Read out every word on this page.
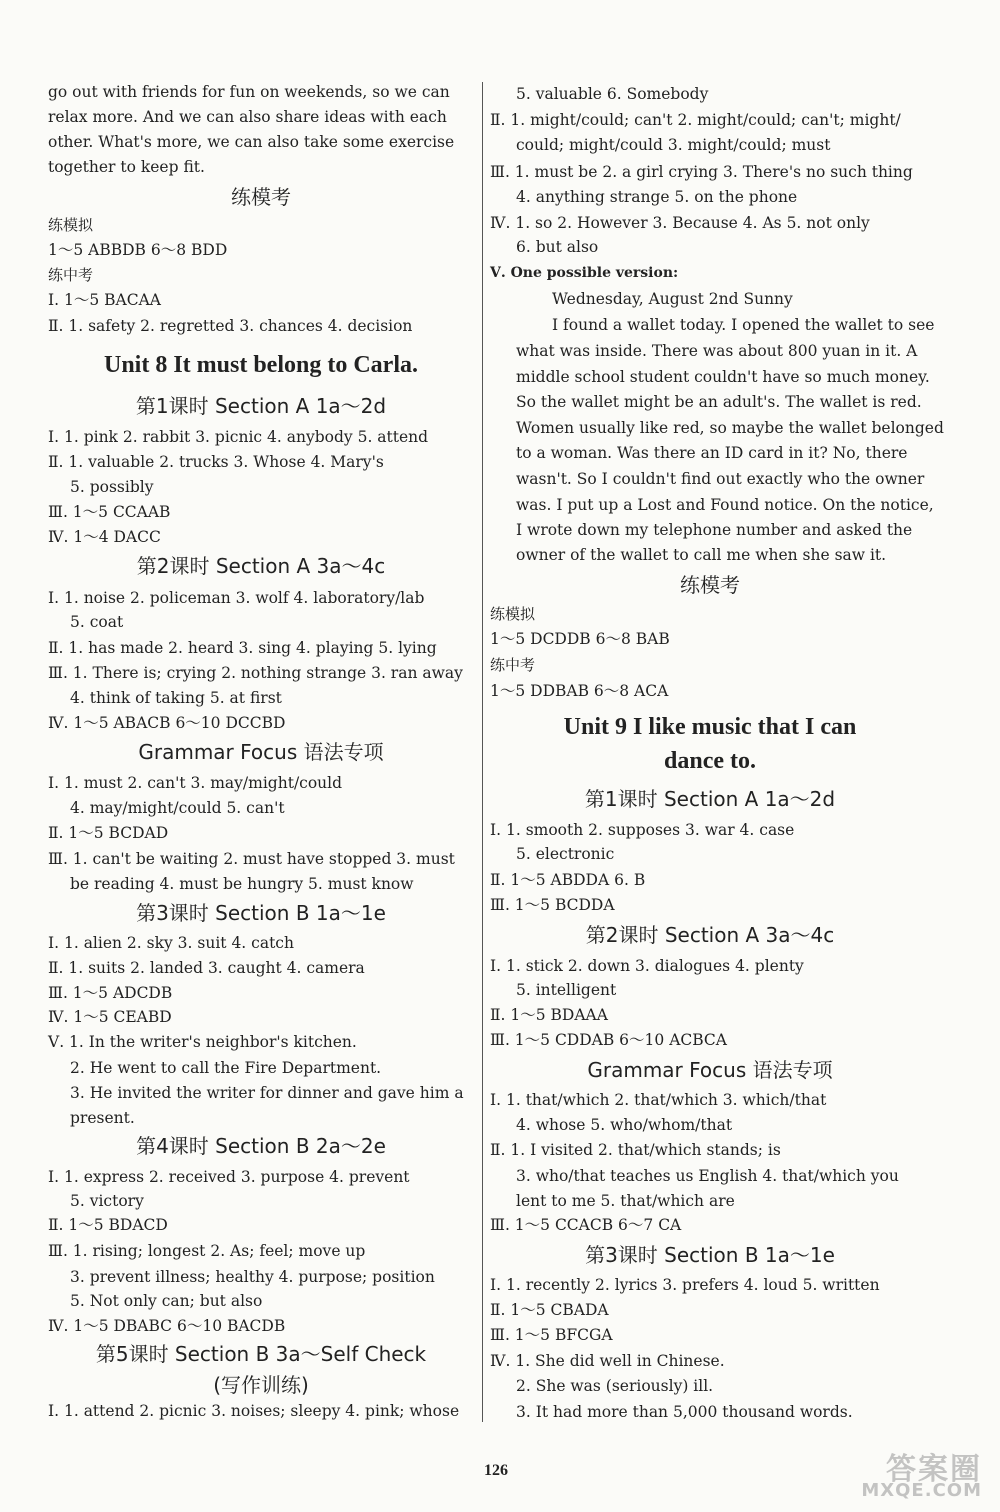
go out with friends for fun on weekends, so we can
relax more. And we can also share ideas with each
other. What's more, we can also take some exercise
together to keep fit.
练模考
练模拟
1～5 ABBDB 6～8 BDD
练中考
Ⅰ. 1～5 BACAA
Ⅱ. 1. safety 2. regretted 3. chances 4. decision
Unit 8 It must belong to Carla.
第1课时 Section A 1a～2d
Ⅰ. 1. pink 2. rabbit 3. picnic 4. anybody 5. attend
Ⅱ. 1. valuable 2. trucks 3. Whose 4. Mary's
5. possibly
Ⅲ. 1～5 CCAAB
Ⅳ. 1～4 DACC
第2课时 Section A 3a～4c
Ⅰ. 1. noise 2. policeman 3. wolf 4. laboratory/lab
5. coat
Ⅱ. 1. has made 2. heard 3. sing 4. playing 5. lying
Ⅲ. 1. There is; crying 2. nothing strange 3. ran away
4. think of taking 5. at first
Ⅳ. 1～5 ABACB 6～10 DCCBD
Grammar Focus 语法专项
Ⅰ. 1. must 2. can't 3. may/might/could
4. may/might/could 5. can't
Ⅱ. 1～5 BCDAD
Ⅲ. 1. can't be waiting 2. must have stopped 3. must
be reading 4. must be hungry 5. must know
第3课时 Section B 1a～1e
Ⅰ. 1. alien 2. sky 3. suit 4. catch
Ⅱ. 1. suits 2. landed 3. caught 4. camera
Ⅲ. 1～5 ADCDB
Ⅳ. 1～5 CEABD
Ⅴ. 1. In the writer's neighbor's kitchen.
2. He went to call the Fire Department.
3. He invited the writer for dinner and gave him a
present.
第4课时 Section B 2a～2e
Ⅰ. 1. express 2. received 3. purpose 4. prevent
5. victory
Ⅱ. 1～5 BDACD
Ⅲ. 1. rising; longest 2. As; feel; move up
3. prevent illness; healthy 4. purpose; position
5. Not only can; but also
Ⅳ. 1～5 DBABC 6～10 BACDB
第5课时 Section B 3a～Self Check
(写作训练)
Ⅰ. 1. attend 2. picnic 3. noises; sleepy 4. pink; whose
5. valuable 6. Somebody
Ⅱ. 1. might/could; can't 2. might/could; can't; might/
could; might/could 3. might/could; must
Ⅲ. 1. must be 2. a girl crying 3. There's no such thing
4. anything strange 5. on the phone
Ⅳ. 1. so 2. However 3. Because 4. As 5. not only
6. but also
Ⅴ. One possible version:
Wednesday, August 2nd Sunny
I found a wallet today. I opened the wallet to see
what was inside. There was about 800 yuan in it. A
middle school student couldn't have so much money.
So the wallet might be an adult's. The wallet is red.
Women usually like red, so maybe the wallet belonged
to a woman. Was there an ID card in it? No, there
wasn't. So I couldn't find out exactly who the owner
was. I put up a Lost and Found notice. On the notice,
I wrote down my telephone number and asked the
owner of the wallet to call me when she saw it.
练模考
练模拟
1～5 DCDDB 6～8 BAB
练中考
1～5 DDBAB 6～8 ACA
Unit 9 I like music that I can
dance to.
第1课时 Section A 1a～2d
Ⅰ. 1. smooth 2. supposes 3. war 4. case
5. electronic
Ⅱ. 1～5 ABDDA 6. B
Ⅲ. 1～5 BCDDA
第2课时 Section A 3a～4c
Ⅰ. 1. stick 2. down 3. dialogues 4. plenty
5. intelligent
Ⅱ. 1～5 BDAAA
Ⅲ. 1～5 CDDAB 6～10 ACBCA
Grammar Focus 语法专项
Ⅰ. 1. that/which 2. that/which 3. which/that
4. whose 5. who/whom/that
Ⅱ. 1. I visited 2. that/which stands; is
3. who/that teaches us English 4. that/which you
lent to me 5. that/which are
Ⅲ. 1～5 CCACB 6～7 CA
第3课时 Section B 1a～1e
Ⅰ. 1. recently 2. lyrics 3. prefers 4. loud 5. written
Ⅱ. 1～5 CBADA
Ⅲ. 1～5 BFCGA
Ⅳ. 1. She did well in Chinese.
2. She was (seriously) ill.
3. It had more than 5,000 thousand words.
126	答案圈
MXQE.COM
